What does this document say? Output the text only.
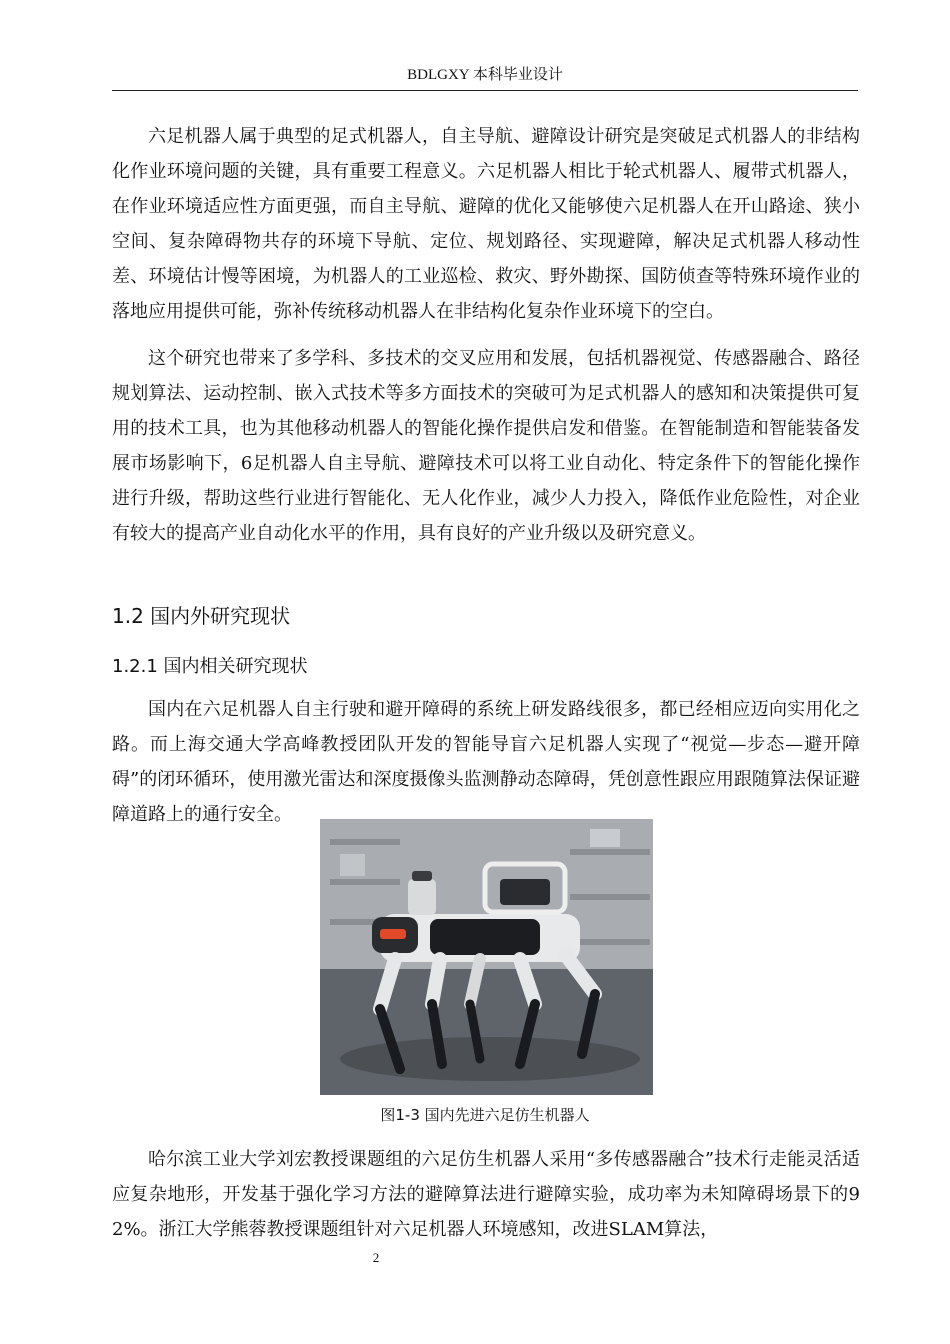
BDLGXY 本科毕业设计

六足机器人属于典型的足式机器人，自主导航、避障设计研究是突破足式机器人的非结构化作业环境问题的关键，具有重要工程意义。六足机器人相比于轮式机器人、履带式机器人，在作业环境适应性方面更强，而自主导航、避障的优化又能够使六足机器人在开山路途、狭小空间、复杂障碍物共存的环境下导航、定位、规划路径、实现避障，解决足式机器人移动性差、环境估计慢等困境，为机器人的工业巡检、救灾、野外勘探、国防侦查等特殊环境作业的落地应用提供可能，弥补传统移动机器人在非结构化复杂作业环境下的空白。

这个研究也带来了多学科、多技术的交叉应用和发展，包括机器视觉、传感器融合、路径规划算法、运动控制、嵌入式技术等多方面技术的突破可为足式机器人的感知和决策提供可复用的技术工具，也为其他移动机器人的智能化操作提供启发和借鉴。在智能制造和智能装备发展市场影响下，6足机器人自主导航、避障技术可以将工业自动化、特定条件下的智能化操作进行升级，帮助这些行业进行智能化、无人化作业，减少人力投入，降低作业危险性，对企业有较大的提高产业自动化水平的作用，具有良好的产业升级以及研究意义。

1.2 国内外研究现状
1.2.1 国内相关研究现状

国内在六足机器人自主行驶和避开障碍的系统上研发路线很多，都已经相应迈向实用化之路。而上海交通大学高峰教授团队开发的智能导盲六足机器人实现了“视觉—步态—避开障碍”的闭环循环，使用激光雷达和深度摄像头监测静动态障碍，凭创意性跟应用跟随算法保证避障道路上的通行安全。

图1-3 国内先进六足仿生机器人

哈尔滨工业大学刘宏教授课题组的六足仿生机器人采用“多传感器融合”技术行走能灵活适应复杂地形，开发基于强化学习方法的避障算法进行避障实验，成功率为未知障碍场景下的92%。浙江大学熊蓉教授课题组针对六足机器人环境感知，改进SLAM算法，

2
